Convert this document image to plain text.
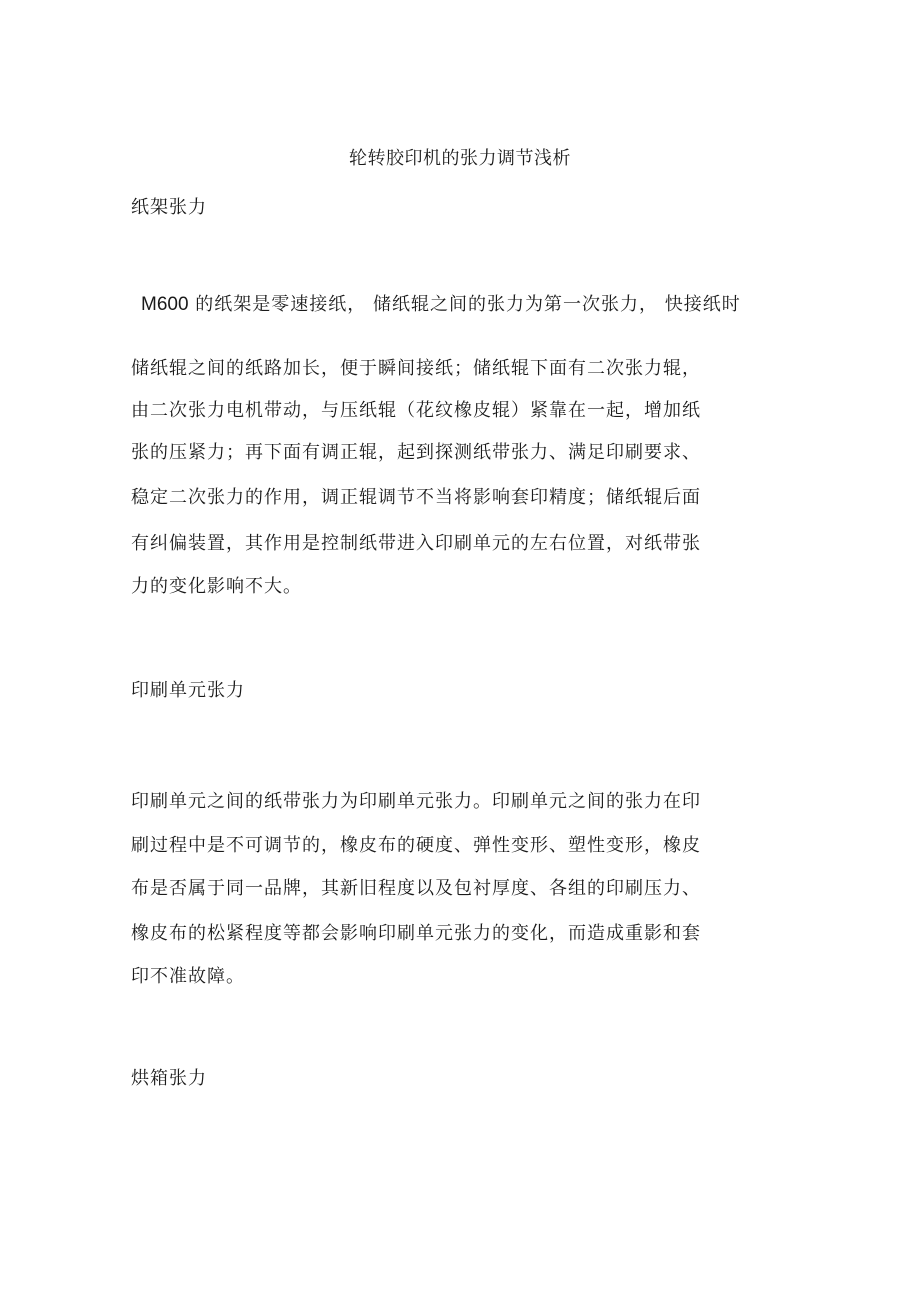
轮转胶印机的张力调节浅析
纸架张力
M600 的纸架是零速接纸， 储纸辊之间的张力为第一次张力， 快接纸时
储纸辊之间的纸路加长，便于瞬间接纸；储纸辊下面有二次张力辊，
由二次张力电机带动，与压纸辊（花纹橡皮辊）紧靠在一起，增加纸
张的压紧力；再下面有调正辊，起到探测纸带张力、满足印刷要求、
稳定二次张力的作用，调正辊调节不当将影响套印精度；储纸辊后面
有纠偏装置，其作用是控制纸带进入印刷单元的左右位置，对纸带张
力的变化影响不大。
印刷单元张力
印刷单元之间的纸带张力为印刷单元张力。印刷单元之间的张力在印
刷过程中是不可调节的，橡皮布的硬度、弹性变形、塑性变形，橡皮
布是否属于同一品牌，其新旧程度以及包衬厚度、各组的印刷压力、
橡皮布的松紧程度等都会影响印刷单元张力的变化，而造成重影和套
印不准故障。
烘箱张力
